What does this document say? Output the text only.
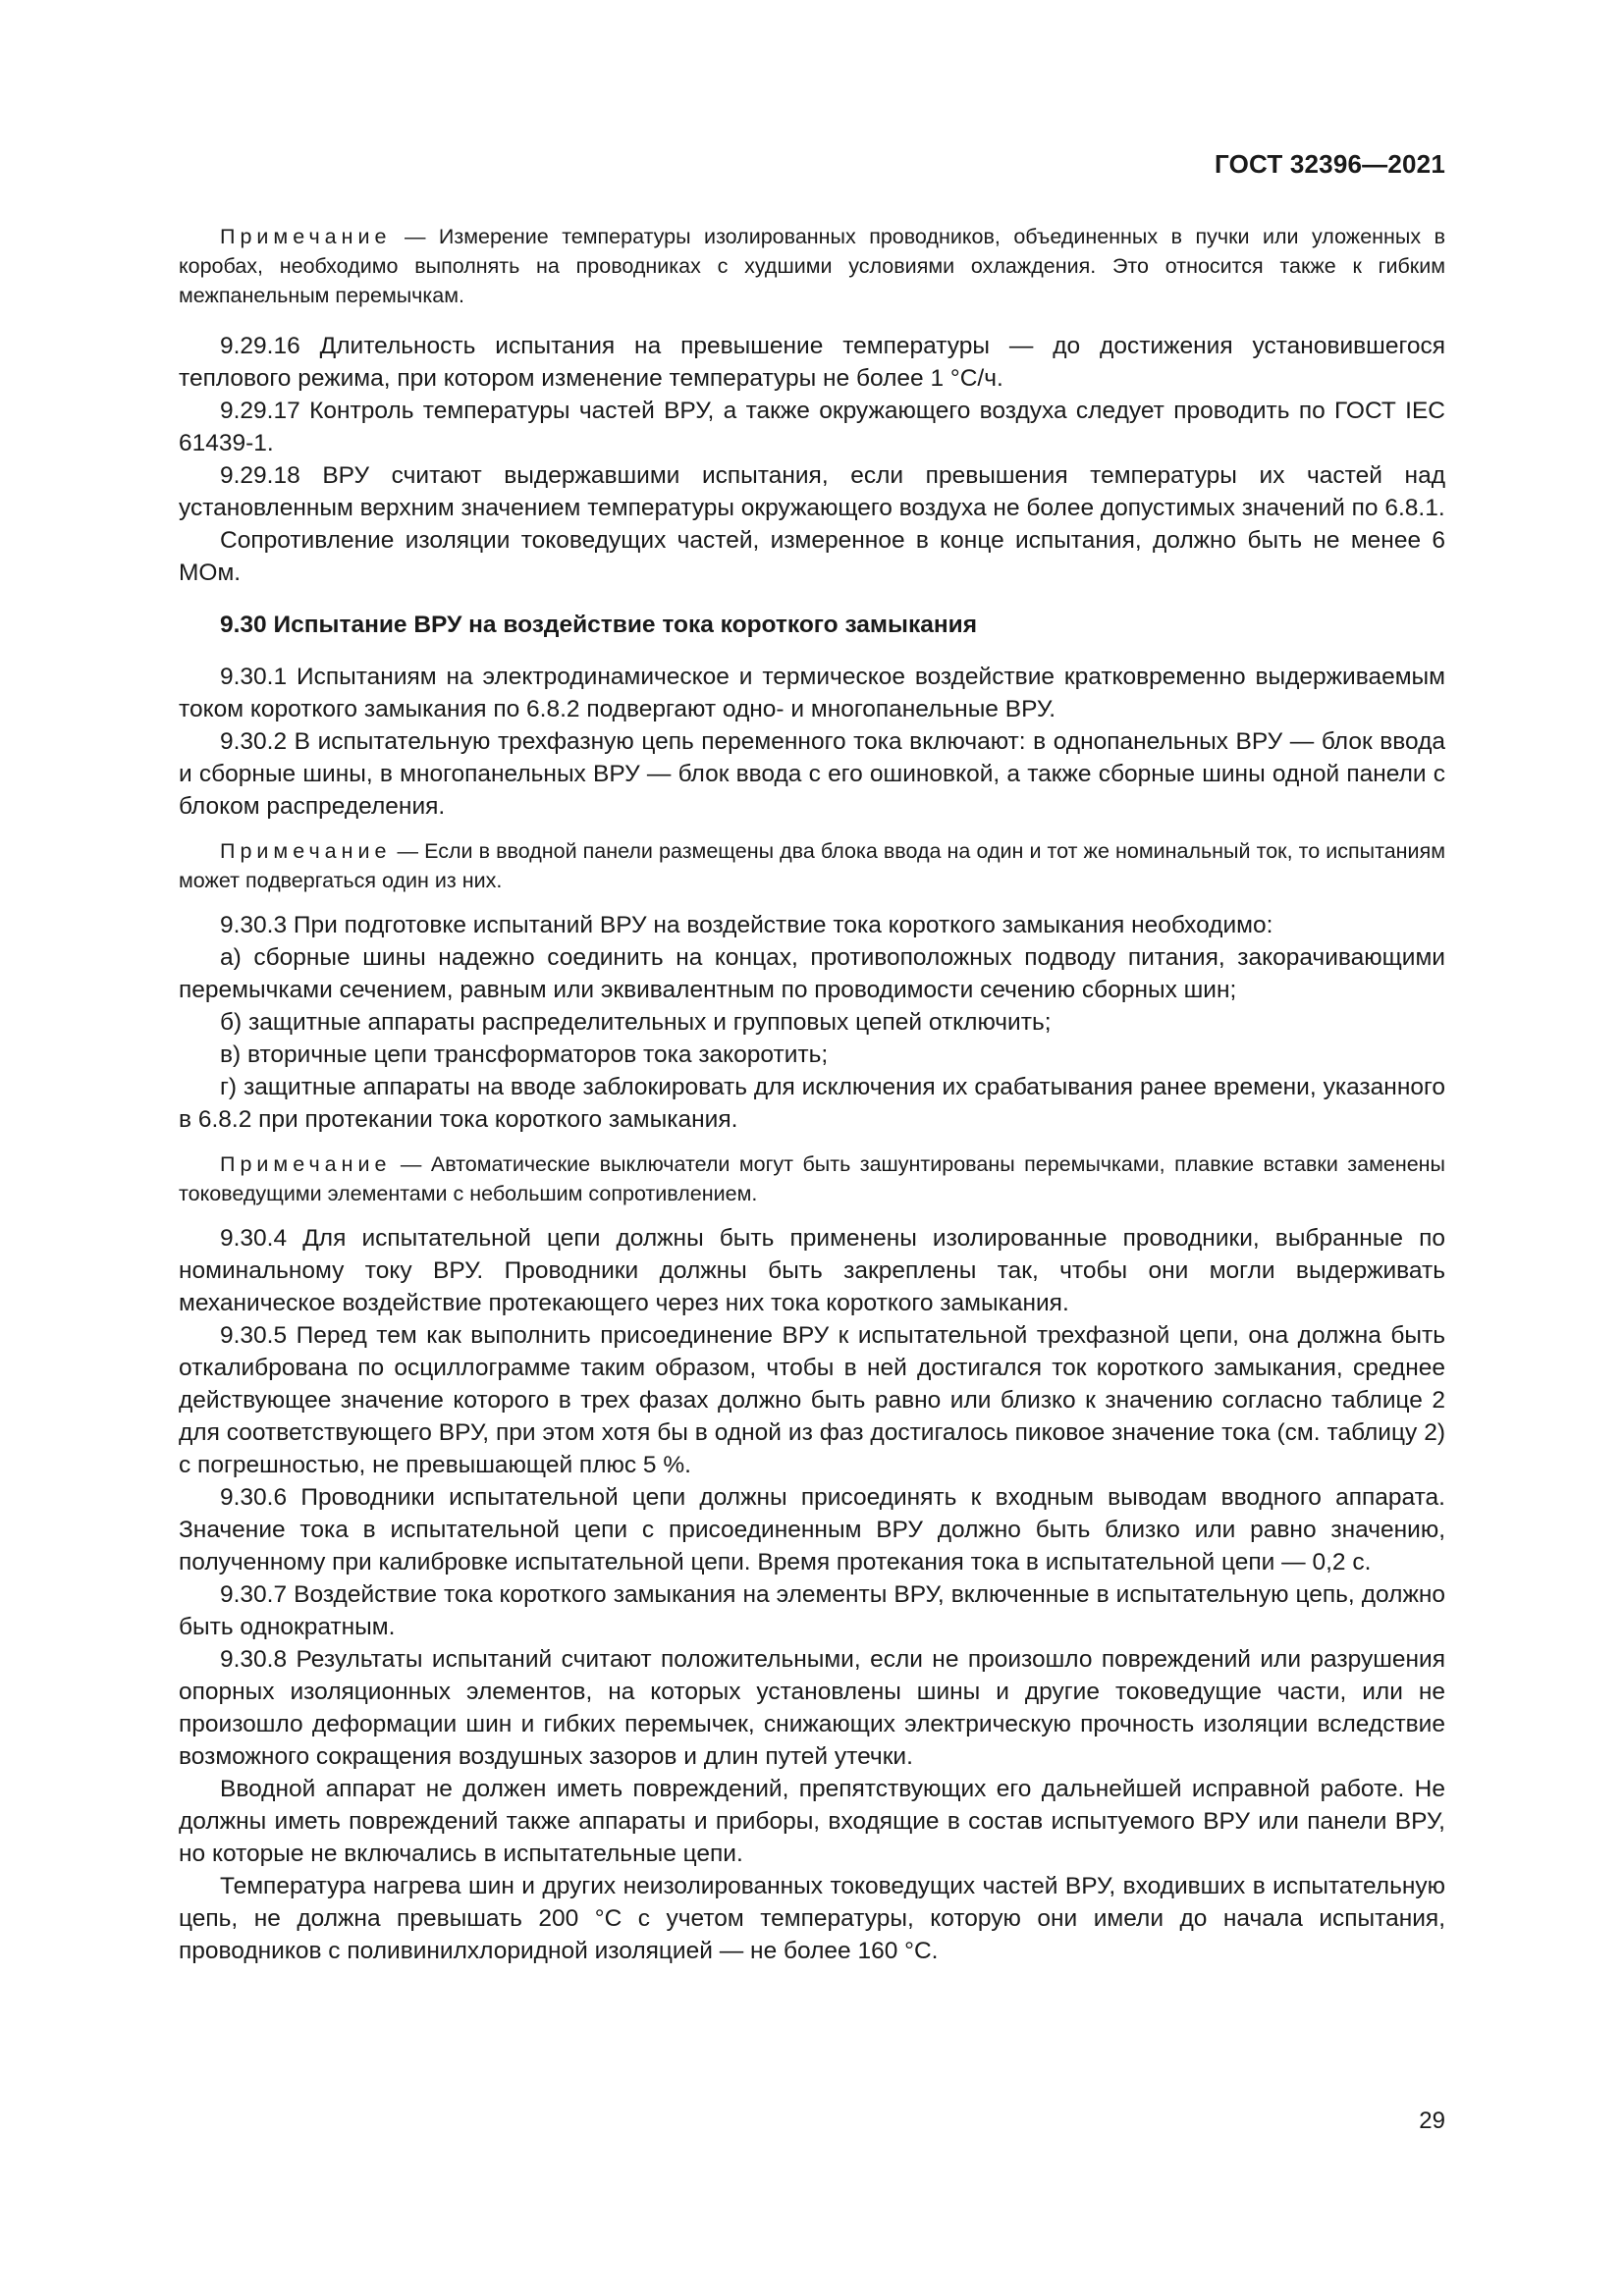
ГОСТ 32396—2021

Примечание — Измерение температуры изолированных проводников, объединенных в пучки или уложенных в коробах, необходимо выполнять на проводниках с худшими условиями охлаждения. Это относится также к гибким межпанельным перемычкам.

9.29.16 Длительность испытания на превышение температуры — до достижения установившегося теплового режима, при котором изменение температуры не более 1 °С/ч.

9.29.17 Контроль температуры частей ВРУ, а также окружающего воздуха следует проводить по ГОСТ IEC 61439-1.

9.29.18 ВРУ считают выдержавшими испытания, если превышения температуры их частей над установленным верхним значением температуры окружающего воздуха не более допустимых значений по 6.8.1.

Сопротивление изоляции токоведущих частей, измеренное в конце испытания, должно быть не менее 6 МОм.

9.30 Испытание ВРУ на воздействие тока короткого замыкания

9.30.1 Испытаниям на электродинамическое и термическое воздействие кратковременно выдерживаемым током короткого замыкания по 6.8.2 подвергают одно- и многопанельные ВРУ.

9.30.2 В испытательную трехфазную цепь переменного тока включают: в однопанельных ВРУ — блок ввода и сборные шины, в многопанельных ВРУ — блок ввода с его ошиновкой, а также сборные шины одной панели с блоком распределения.

Примечание — Если в вводной панели размещены два блока ввода на один и тот же номинальный ток, то испытаниям может подвергаться один из них.

9.30.3 При подготовке испытаний ВРУ на воздействие тока короткого замыкания необходимо:

а) сборные шины надежно соединить на концах, противоположных подводу питания, закорачивающими перемычками сечением, равным или эквивалентным по проводимости сечению сборных шин;

б) защитные аппараты распределительных и групповых цепей отключить;

в) вторичные цепи трансформаторов тока закоротить;

г) защитные аппараты на вводе заблокировать для исключения их срабатывания ранее времени, указанного в 6.8.2 при протекании тока короткого замыкания.

Примечание — Автоматические выключатели могут быть зашунтированы перемычками, плавкие вставки заменены токоведущими элементами с небольшим сопротивлением.

9.30.4 Для испытательной цепи должны быть применены изолированные проводники, выбранные по номинальному току ВРУ. Проводники должны быть закреплены так, чтобы они могли выдерживать механическое воздействие протекающего через них тока короткого замыкания.

9.30.5 Перед тем как выполнить присоединение ВРУ к испытательной трехфазной цепи, она должна быть откалибрована по осциллограмме таким образом, чтобы в ней достигался ток короткого замыкания, среднее действующее значение которого в трех фазах должно быть равно или близко к значению согласно таблице 2 для соответствующего ВРУ, при этом хотя бы в одной из фаз достигалось пиковое значение тока (см. таблицу 2) с погрешностью, не превышающей плюс 5 %.

9.30.6 Проводники испытательной цепи должны присоединять к входным выводам вводного аппарата. Значение тока в испытательной цепи с присоединенным ВРУ должно быть близко или равно значению, полученному при калибровке испытательной цепи. Время протекания тока в испытательной цепи — 0,2 с.

9.30.7 Воздействие тока короткого замыкания на элементы ВРУ, включенные в испытательную цепь, должно быть однократным.

9.30.8 Результаты испытаний считают положительными, если не произошло повреждений или разрушения опорных изоляционных элементов, на которых установлены шины и другие токоведущие части, или не произошло деформации шин и гибких перемычек, снижающих электрическую прочность изоляции вследствие возможного сокращения воздушных зазоров и длин путей утечки.

Вводной аппарат не должен иметь повреждений, препятствующих его дальнейшей исправной работе. Не должны иметь повреждений также аппараты и приборы, входящие в состав испытуемого ВРУ или панели ВРУ, но которые не включались в испытательные цепи.

Температура нагрева шин и других неизолированных токоведущих частей ВРУ, входивших в испытательную цепь, не должна превышать 200 °С с учетом температуры, которую они имели до начала испытания, проводников с поливинилхлоридной изоляцией — не более 160 °С.

29
